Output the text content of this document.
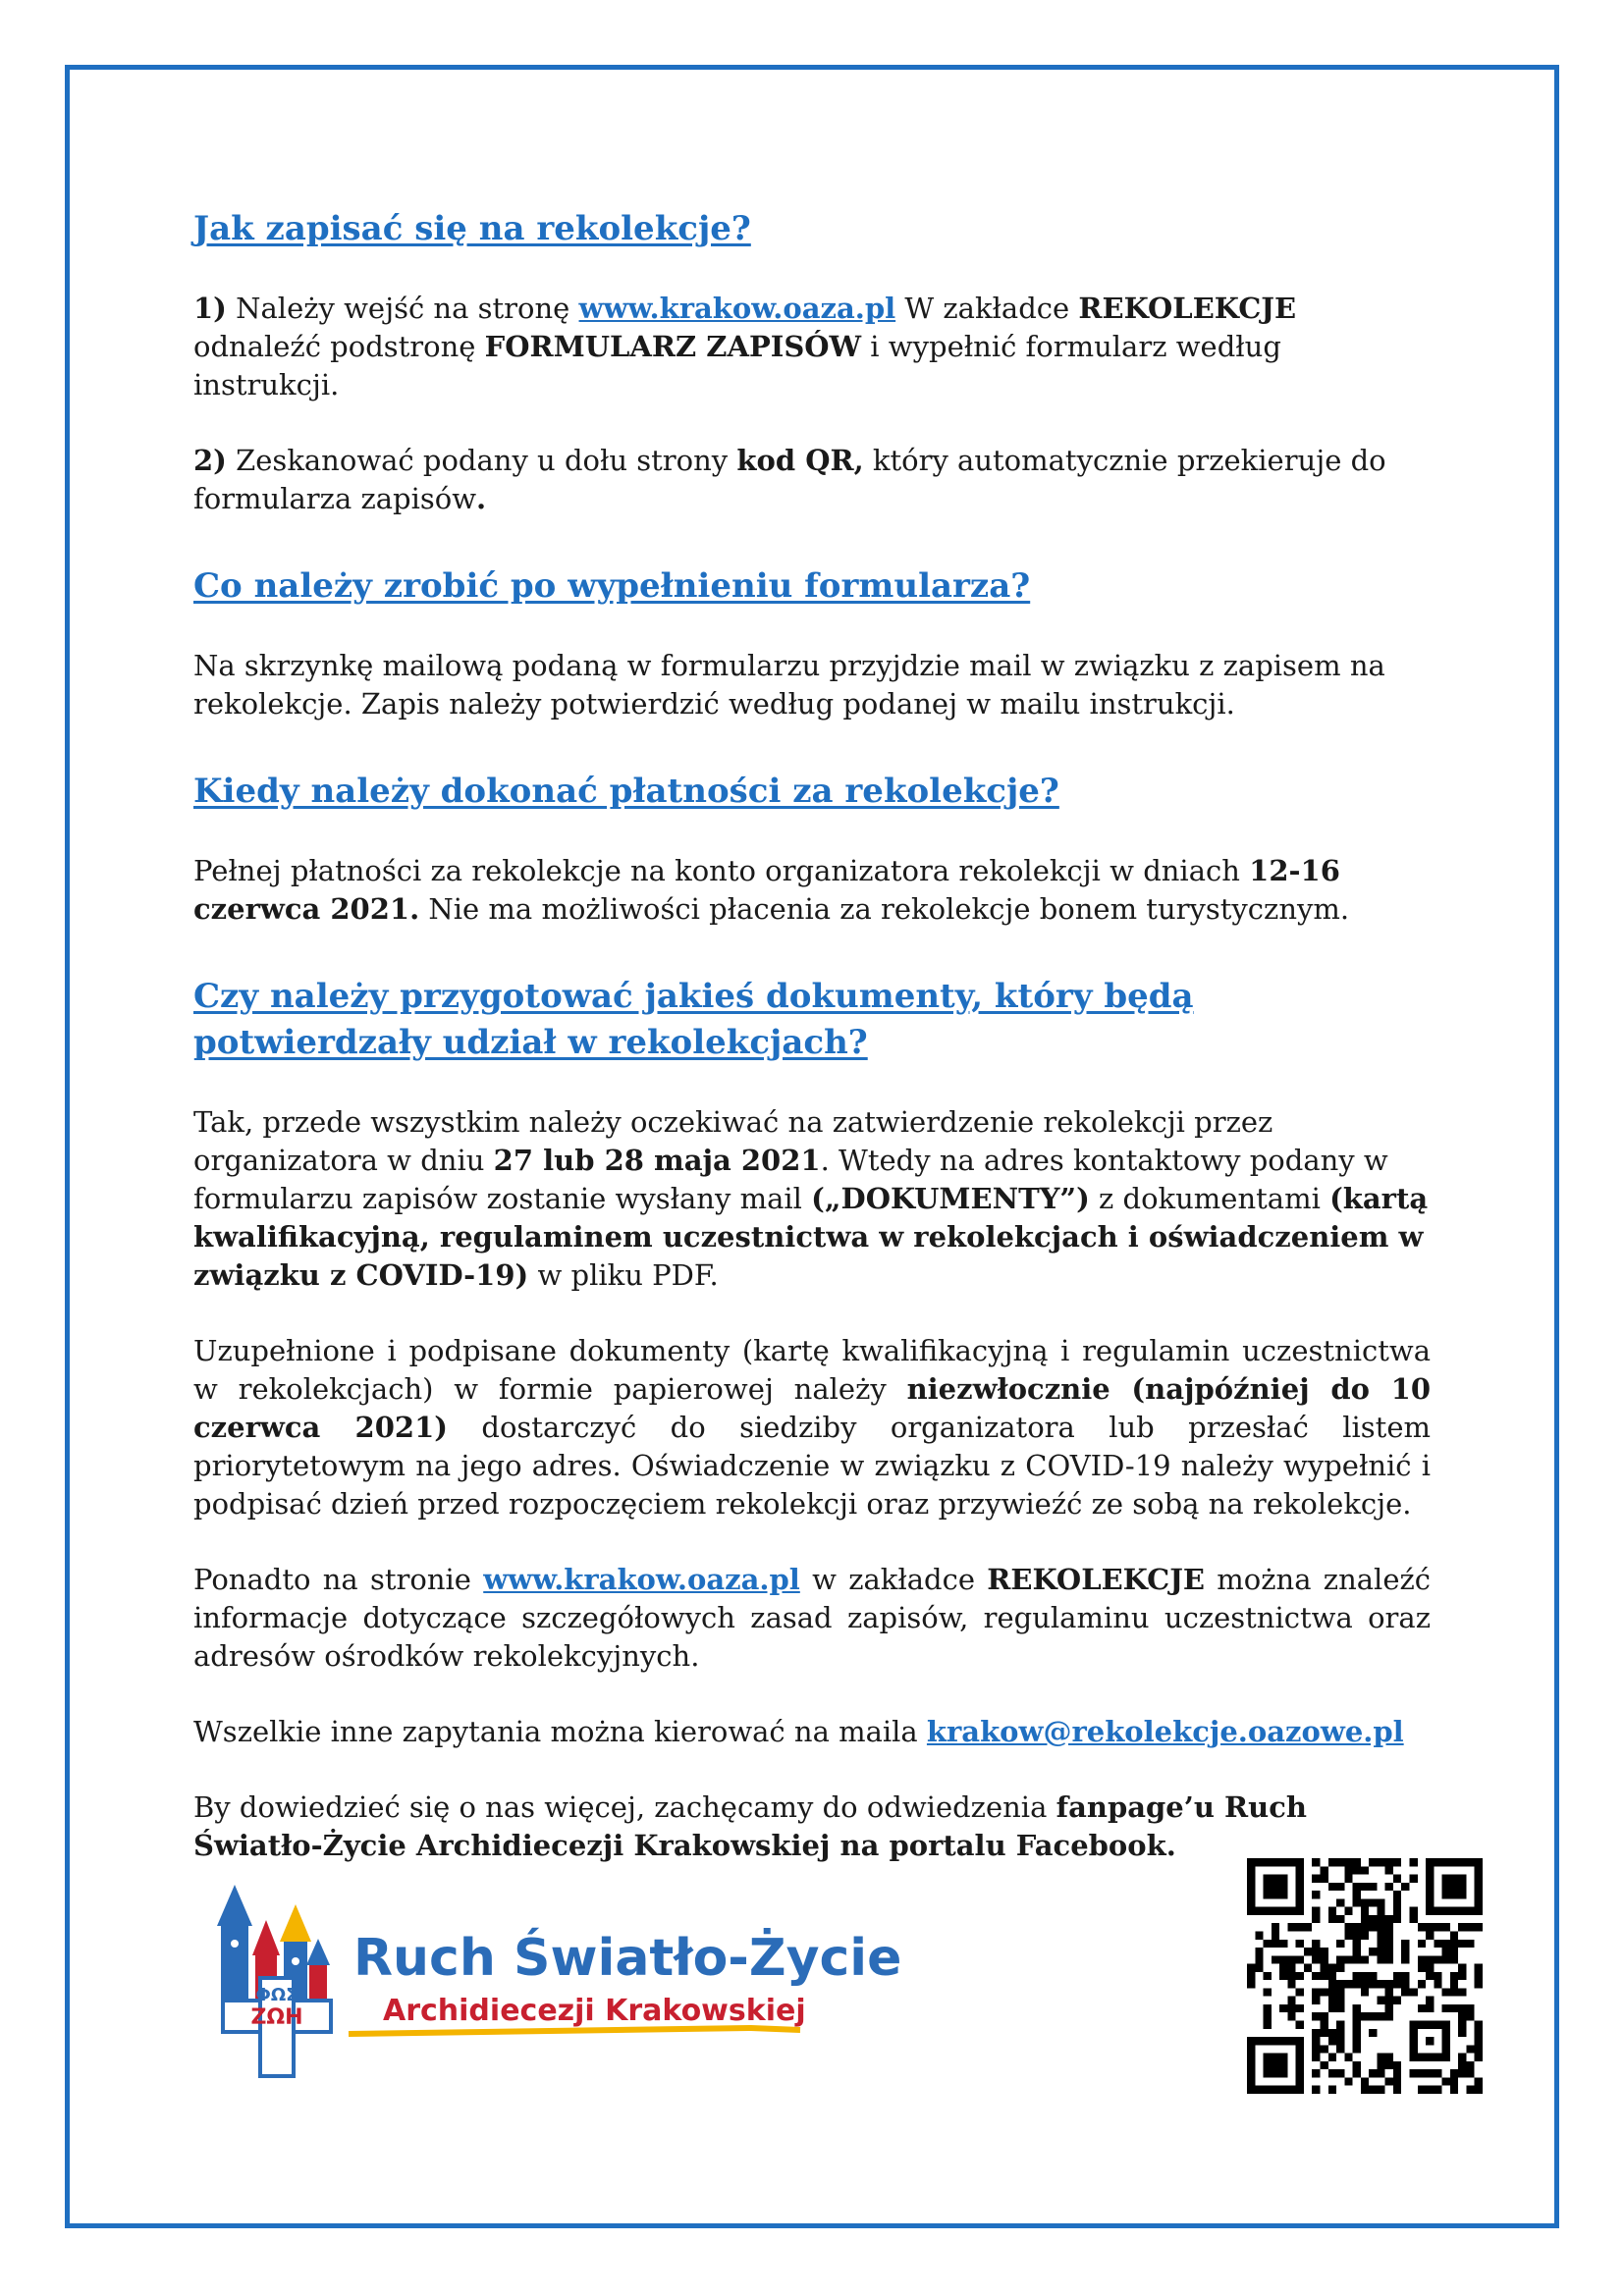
Jak zapisać się na rekolekcje?

1) Należy wejść na stronę www.krakow.oaza.pl W zakładce REKOLEKCJE odnaleźć podstronę FORMULARZ ZAPISÓW i wypełnić formularz według instrukcji.

2) Zeskanować podany u dołu strony kod QR, który automatycznie przekieruje do formularza zapisów.

Co należy zrobić po wypełnieniu formularza?

Na skrzynkę mailową podaną w formularzu przyjdzie mail w związku z zapisem na rekolekcje. Zapis należy potwierdzić według podanej w mailu instrukcji.

Kiedy należy dokonać płatności za rekolekcje?

Pełnej płatności za rekolekcje na konto organizatora rekolekcji w dniach 12-16 czerwca 2021. Nie ma możliwości płacenia za rekolekcje bonem turystycznym.

Czy należy przygotować jakieś dokumenty, który będą potwierdzały udział w rekolekcjach?

Tak, przede wszystkim należy oczekiwać na zatwierdzenie rekolekcji przez organizatora w dniu 27 lub 28 maja 2021. Wtedy na adres kontaktowy podany w formularzu zapisów zostanie wysłany mail („DOKUMENTY”) z dokumentami (kartą kwalifikacyjną, regulaminem uczestnictwa w rekolekcjach i oświadczeniem w związku z COVID-19) w pliku PDF.

Uzupełnione i podpisane dokumenty (kartę kwalifikacyjną i regulamin uczestnictwa w rekolekcjach) w formie papierowej należy niezwłocznie (najpóźniej do 10 czerwca 2021) dostarczyć do siedziby organizatora lub przesłać listem priorytetowym na jego adres. Oświadczenie w związku z COVID-19 należy wypełnić i podpisać dzień przed rozpoczęciem rekolekcji oraz przywieźć ze sobą na rekolekcje.

Ponadto na stronie www.krakow.oaza.pl w zakładce REKOLEKCJE można znaleźć informacje dotyczące szczegółowych zasad zapisów, regulaminu uczestnictwa oraz adresów ośrodków rekolekcyjnych.

Wszelkie inne zapytania można kierować na maila krakow@rekolekcje.oazowe.pl

By dowiedzieć się o nas więcej, zachęcamy do odwiedzenia fanpage’u Ruch Światło-Życie Archidiecezji Krakowskiej na portalu Facebook.

ΖΩΗ
ΦΩΣ
Ruch Światło-Życie
Archidiecezji Krakowskiej
